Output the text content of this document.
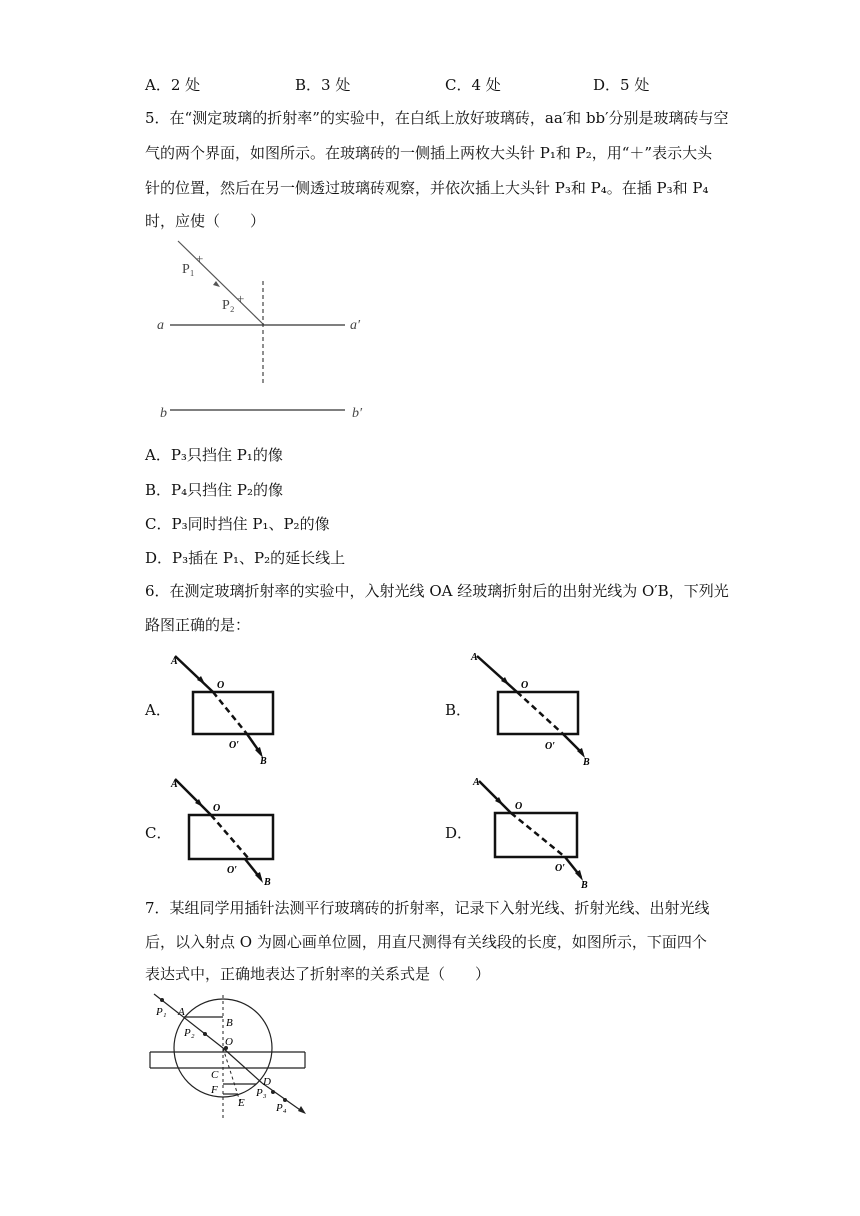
A．2 处	B．3 处	C．4 处	D．5 处
5．在“测定玻璃的折射率”的实验中，在白纸上放好玻璃砖，aa′和 bb′分别是玻璃砖与空
气的两个界面，如图所示。在玻璃砖的一侧插上两枚大头针 P₁和 P₂，用“＋”表示大头
针的位置，然后在另一侧透过玻璃砖观察，并依次插上大头针 P₃和 P₄。在插 P₃和 P₄
时，应使（　　）
+
+
P₁
P₂
a	a′
b	b′
A．P₃只挡住 P₁的像
B．P₄只挡住 P₂的像
C．P₃同时挡住 P₁、P₂的像
D．P₃插在 P₁、P₂的延长线上
6．在测定玻璃折射率的实验中，入射光线 OA 经玻璃折射后的出射光线为 O′B，下列光
路图正确的是：
A．
A
O
O′
B
B．
A
O
O′
B
C．
A
O
O′
B
D．
A
O
O′
B
7．某组同学用插针法测平行玻璃砖的折射率，记录下入射光线、折射光线、出射光线
后，以入射点 O 为圆心画单位圆，用直尺测得有关线段的长度，如图所示，下面四个
表达式中，正确地表达了折射率的关系式是（　　）
P₁ A
B
P₂
O
C
F
D
P₃
E	P₄
